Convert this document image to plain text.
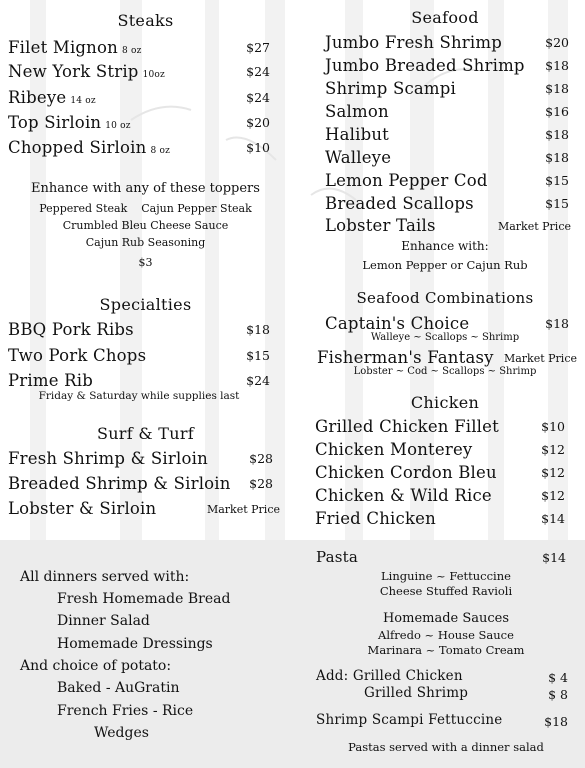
Steaks
Filet Mignon 8 oz	$27
New York Strip 10oz	$24
Ribeye 14 oz	$24
Top Sirloin 10 oz	$20
Chopped Sirloin 8 oz	$10
Enhance with any of these toppers
Peppered Steak    Cajun Pepper Steak
Crumbled Bleu Cheese Sauce
Cajun Rub Seasoning
$3
Specialties
BBQ Pork Ribs	$18
Two Pork Chops	$15
Prime Rib	$24
Friday & Saturday while supplies last
Surf & Turf
Fresh Shrimp & Sirloin	$28
Breaded Shrimp & Sirloin $28
Lobster & Sirloin	Market Price
Seafood
Jumbo Fresh Shrimp	$20
Jumbo Breaded Shrimp $18
Shrimp Scampi	$18
Salmon	$16
Halibut	$18
Walleye	$18
Lemon Pepper Cod	$15
Breaded Scallops	$15
Lobster Tails	Market Price
Enhance with:
Lemon Pepper or Cajun Rub
Seafood Combinations
Captain's Choice	$18
Walleye ~ Scallops ~ Shrimp
Fisherman's Fantasy Market Price
Lobster ~ Cod ~ Scallops ~ Shrimp
Chicken
Grilled Chicken Fillet	$10
Chicken Monterey	$12
Chicken Cordon Bleu	$12
Chicken & Wild Rice	$12
Fried Chicken	$14
All dinners served with:
Fresh Homemade Bread
Dinner Salad
Homemade Dressings
And choice of potato:
Baked - AuGratin
French Fries - Rice
Wedges
Pasta	$14
Linguine ~ Fettuccine
Cheese Stuffed Ravioli
Homemade Sauces
Alfredo ~ House Sauce
Marinara ~ Tomato Cream
Add: Grilled Chicken	$ 4
Grilled Shrimp	$ 8
Shrimp Scampi Fettuccine	$18
Pastas served with a dinner salad
